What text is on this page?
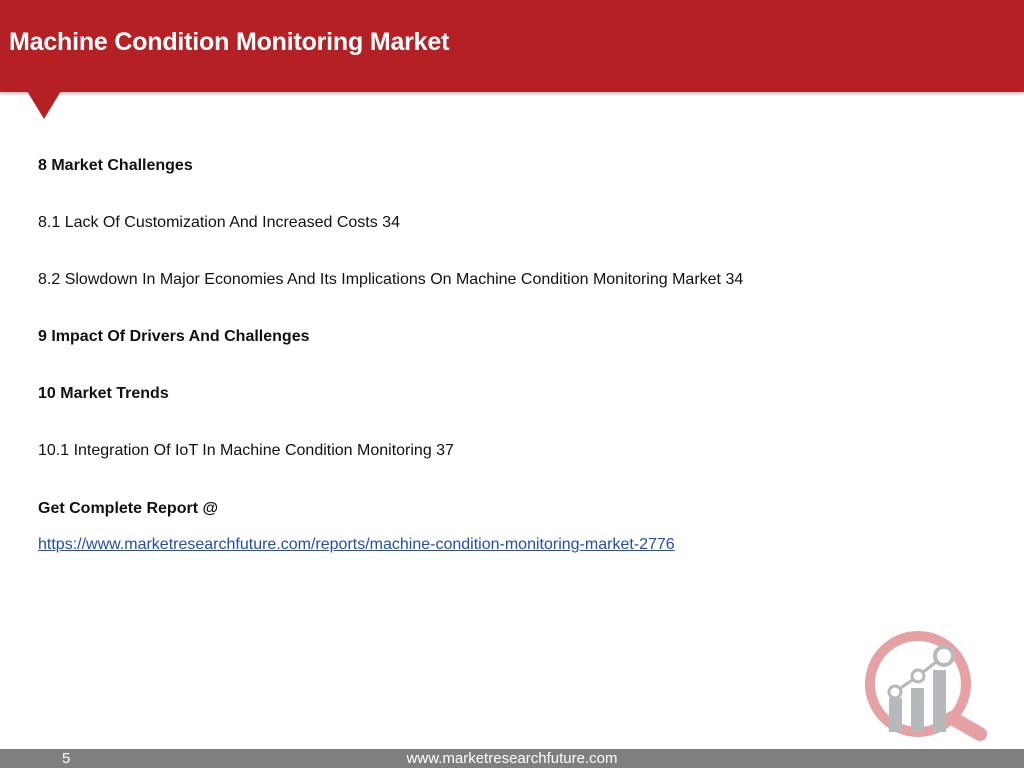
Machine Condition Monitoring Market

8 Market Challenges

8.1 Lack Of Customization And Increased Costs 34

8.2 Slowdown In Major Economies And Its Implications On Machine Condition Monitoring Market 34

9 Impact Of Drivers And Challenges

10 Market Trends

10.1 Integration Of IoT In Machine Condition Monitoring 37

Get Complete Report @

https://www.marketresearchfuture.com/reports/machine-condition-monitoring-market-2776

5	www.marketresearchfuture.com
